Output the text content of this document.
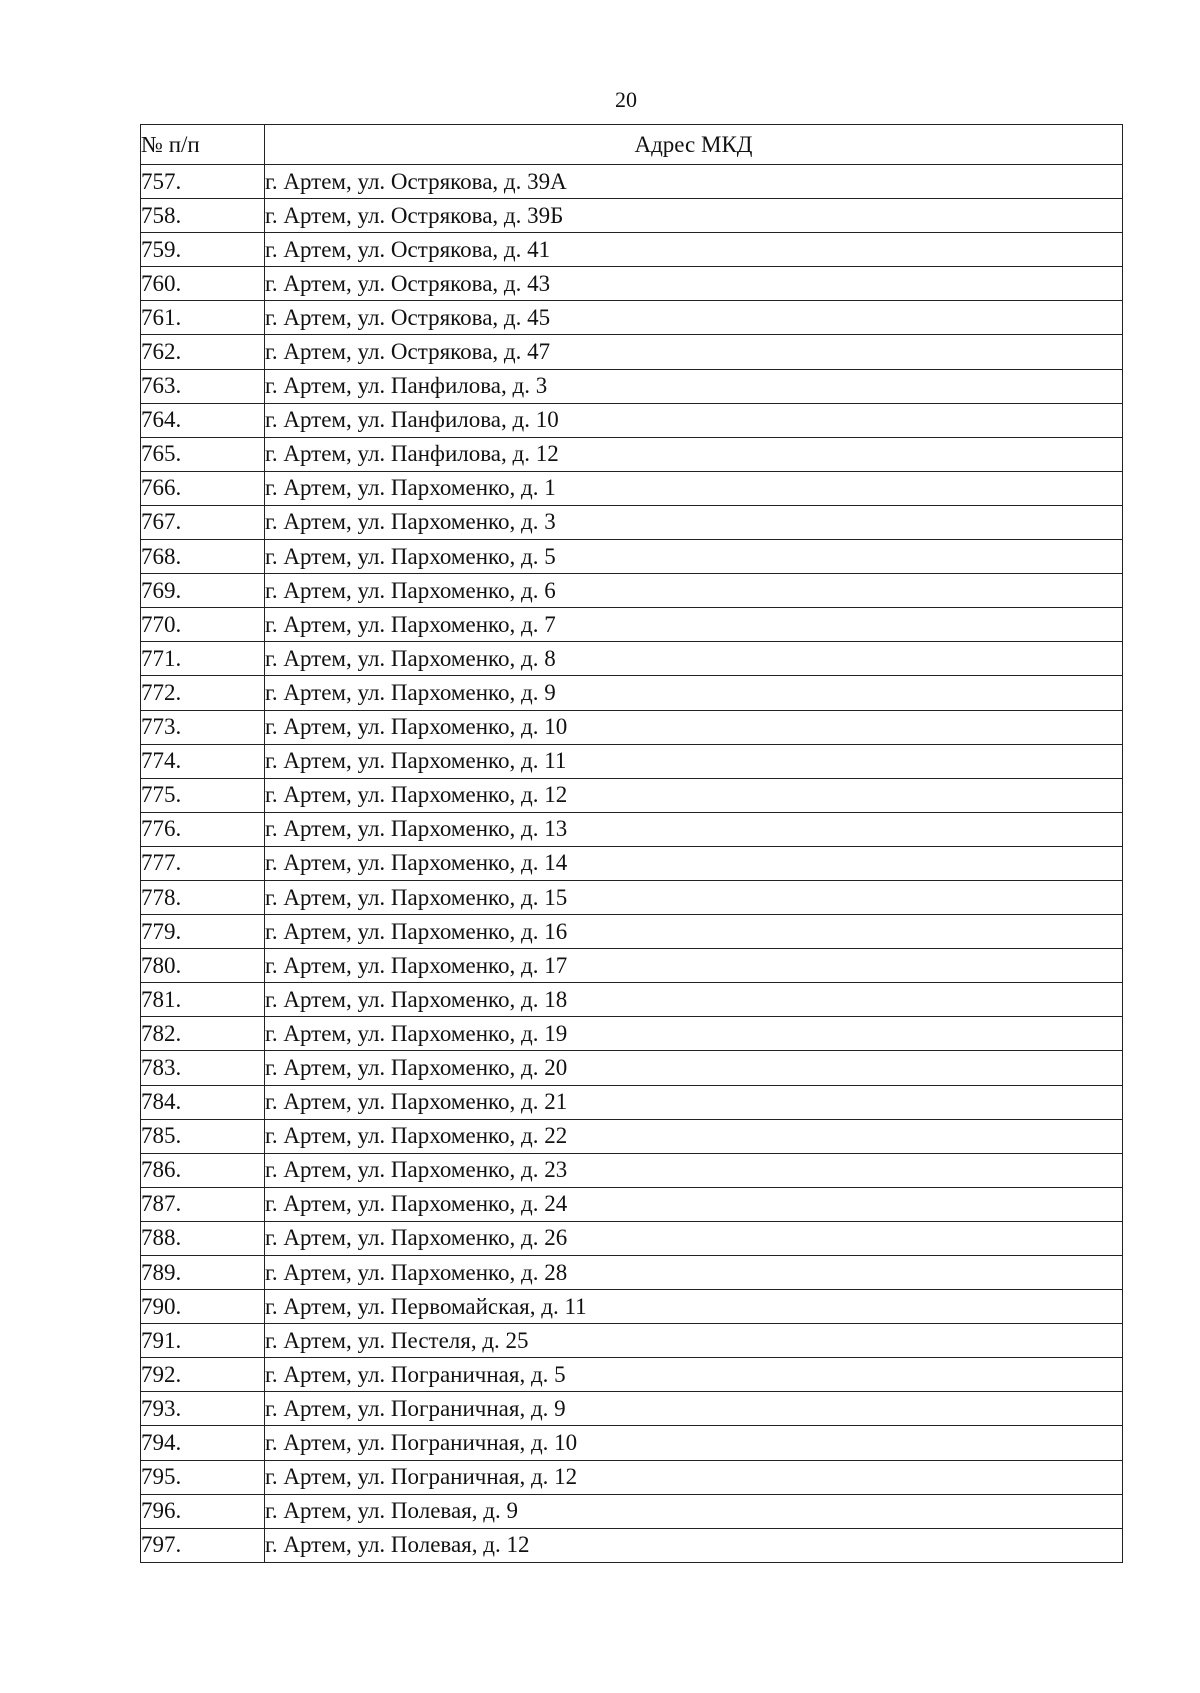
20
№ п/п	Адрес МКД
757.	г. Артем, ул. Острякова, д. 39А
758.	г. Артем, ул. Острякова, д. 39Б
759.	г. Артем, ул. Острякова, д. 41
760.	г. Артем, ул. Острякова, д. 43
761.	г. Артем, ул. Острякова, д. 45
762.	г. Артем, ул. Острякова, д. 47
763.	г. Артем, ул. Панфилова, д. 3
764.	г. Артем, ул. Панфилова, д. 10
765.	г. Артем, ул. Панфилова, д. 12
766.	г. Артем, ул. Пархоменко, д. 1
767.	г. Артем, ул. Пархоменко, д. 3
768.	г. Артем, ул. Пархоменко, д. 5
769.	г. Артем, ул. Пархоменко, д. 6
770.	г. Артем, ул. Пархоменко, д. 7
771.	г. Артем, ул. Пархоменко, д. 8
772.	г. Артем, ул. Пархоменко, д. 9
773.	г. Артем, ул. Пархоменко, д. 10
774.	г. Артем, ул. Пархоменко, д. 11
775.	г. Артем, ул. Пархоменко, д. 12
776.	г. Артем, ул. Пархоменко, д. 13
777.	г. Артем, ул. Пархоменко, д. 14
778.	г. Артем, ул. Пархоменко, д. 15
779.	г. Артем, ул. Пархоменко, д. 16
780.	г. Артем, ул. Пархоменко, д. 17
781.	г. Артем, ул. Пархоменко, д. 18
782.	г. Артем, ул. Пархоменко, д. 19
783.	г. Артем, ул. Пархоменко, д. 20
784.	г. Артем, ул. Пархоменко, д. 21
785.	г. Артем, ул. Пархоменко, д. 22
786.	г. Артем, ул. Пархоменко, д. 23
787.	г. Артем, ул. Пархоменко, д. 24
788.	г. Артем, ул. Пархоменко, д. 26
789.	г. Артем, ул. Пархоменко, д. 28
790.	г. Артем, ул. Первомайская, д. 11
791.	г. Артем, ул. Пестеля, д. 25
792.	г. Артем, ул. Пограничная, д. 5
793.	г. Артем, ул. Пограничная, д. 9
794.	г. Артем, ул. Пограничная, д. 10
795.	г. Артем, ул. Пограничная, д. 12
796.	г. Артем, ул. Полевая, д. 9
797.	г. Артем, ул. Полевая, д. 12
